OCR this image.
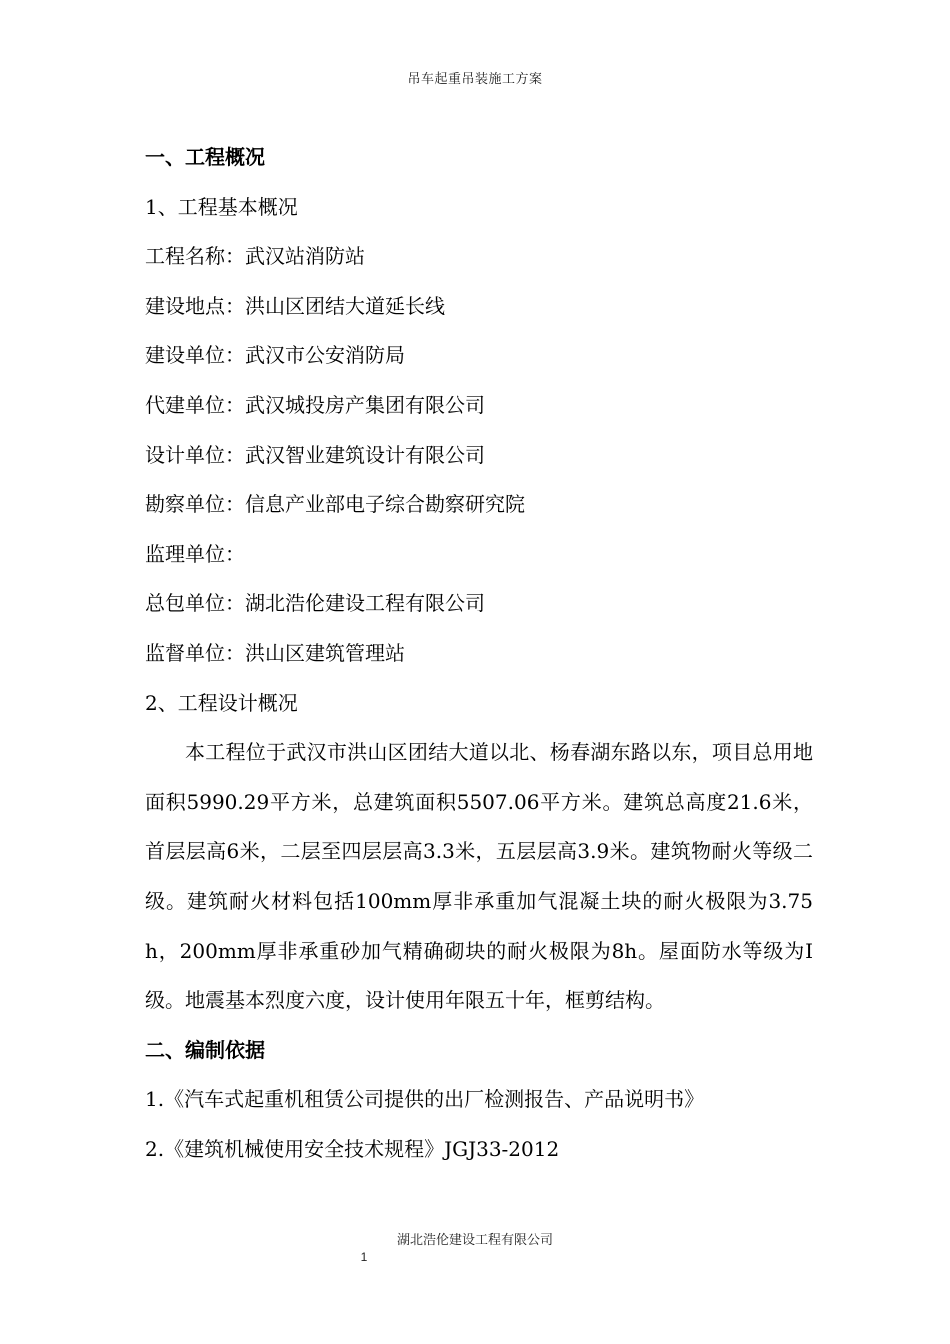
吊车起重吊装施工方案

一、工程概况

1、工程基本概况

工程名称：武汉站消防站

建设地点：洪山区团结大道延长线

建设单位：武汉市公安消防局

代建单位：武汉城投房产集团有限公司

设计单位：武汉智业建筑设计有限公司

勘察单位：信息产业部电子综合勘察研究院

监理单位：

总包单位：湖北浩伦建设工程有限公司

监督单位：洪山区建筑管理站

2、工程设计概况

本工程位于武汉市洪山区团结大道以北、杨春湖东路以东，项目总用地面积5990.29平方米，总建筑面积5507.06平方米。建筑总高度21.6米，首层层高6米，二层至四层层高3.3米，五层层高3.9米。建筑物耐火等级二级。建筑耐火材料包括100mm厚非承重加气混凝土块的耐火极限为3.75h，200mm厚非承重砂加气精确砌块的耐火极限为8h。屋面防水等级为Ⅰ级。地震基本烈度六度，设计使用年限五十年，框剪结构。

二、编制依据

1.《汽车式起重机租赁公司提供的出厂检测报告、产品说明书》

2.《建筑机械使用安全技术规程》JGJ33-2012

湖北浩伦建设工程有限公司
1
